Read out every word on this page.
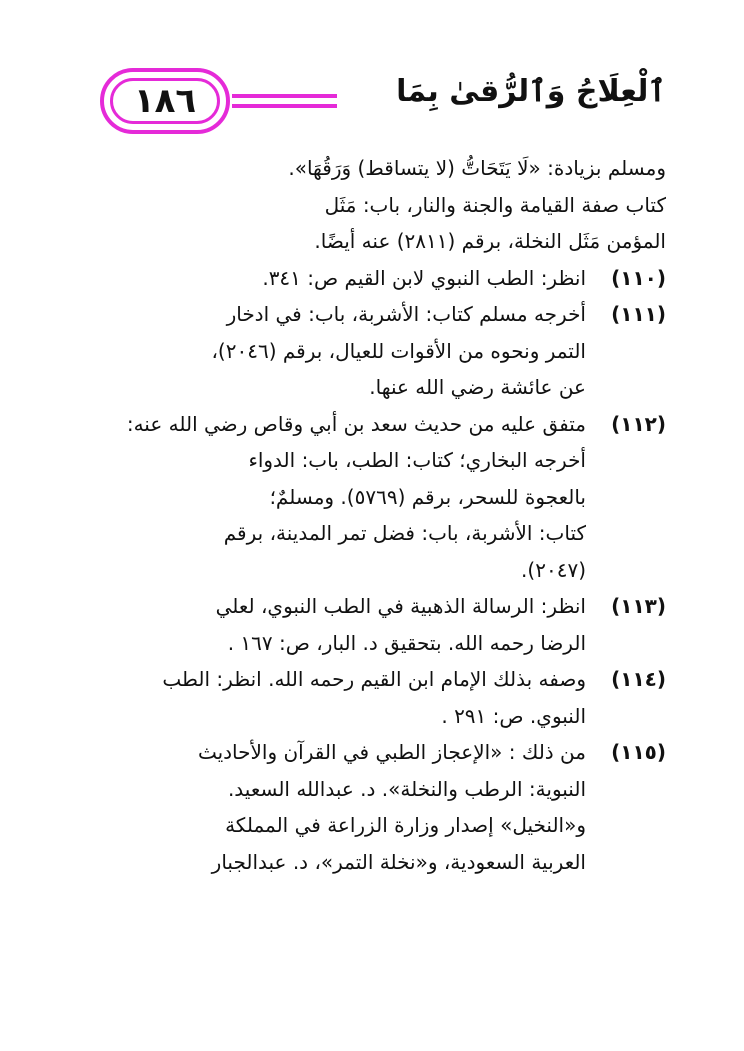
١٨٦	ٱلْعِلَاجُ وَٱلرُّقىٰ بِمَا
ومسلم بزيادة: «لَا يَتَحَاتُّ (لا يتساقط) وَرَقُهَا».
كتاب صفة القيامة والجنة والنار، باب: مَثَل
المؤمن مَثَل النخلة، برقم (٢٨١١) عنه أيضًا.
(١١٠)
انظر: الطب النبوي لابن القيم ص: ٣٤١.
(١١١)
أخرجه مسلم كتاب: الأشربة، باب: في ادخار
التمر ونحوه من الأقوات للعيال، برقم (٢٠٤٦)،
عن عائشة رضي الله عنها.
(١١٢)
متفق عليه من حديث سعد بن أبي وقاص رضي الله عنه:
أخرجه البخاري؛ كتاب: الطب، باب: الدواء
بالعجوة للسحر، برقم (٥٧٦٩). ومسلمٌ؛
كتاب: الأشربة، باب: فضل تمر المدينة، برقم
(٢٠٤٧).
(١١٣)
انظر: الرسالة الذهبية في الطب النبوي، لعلي
الرضا رحمه الله. بتحقيق د. البار، ص: ١٦٧ .
(١١٤)
وصفه بذلك الإمام ابن القيم رحمه الله. انظر: الطب
النبوي. ص: ٢٩١ .
(١١٥)
من ذلك : «الإعجاز الطبي في القرآن والأحاديث
النبوية: الرطب والنخلة». د. عبدالله السعيد.
و«النخيل» إصدار وزارة الزراعة في المملكة
العربية السعودية، و«نخلة التمر»، د. عبدالجبار
